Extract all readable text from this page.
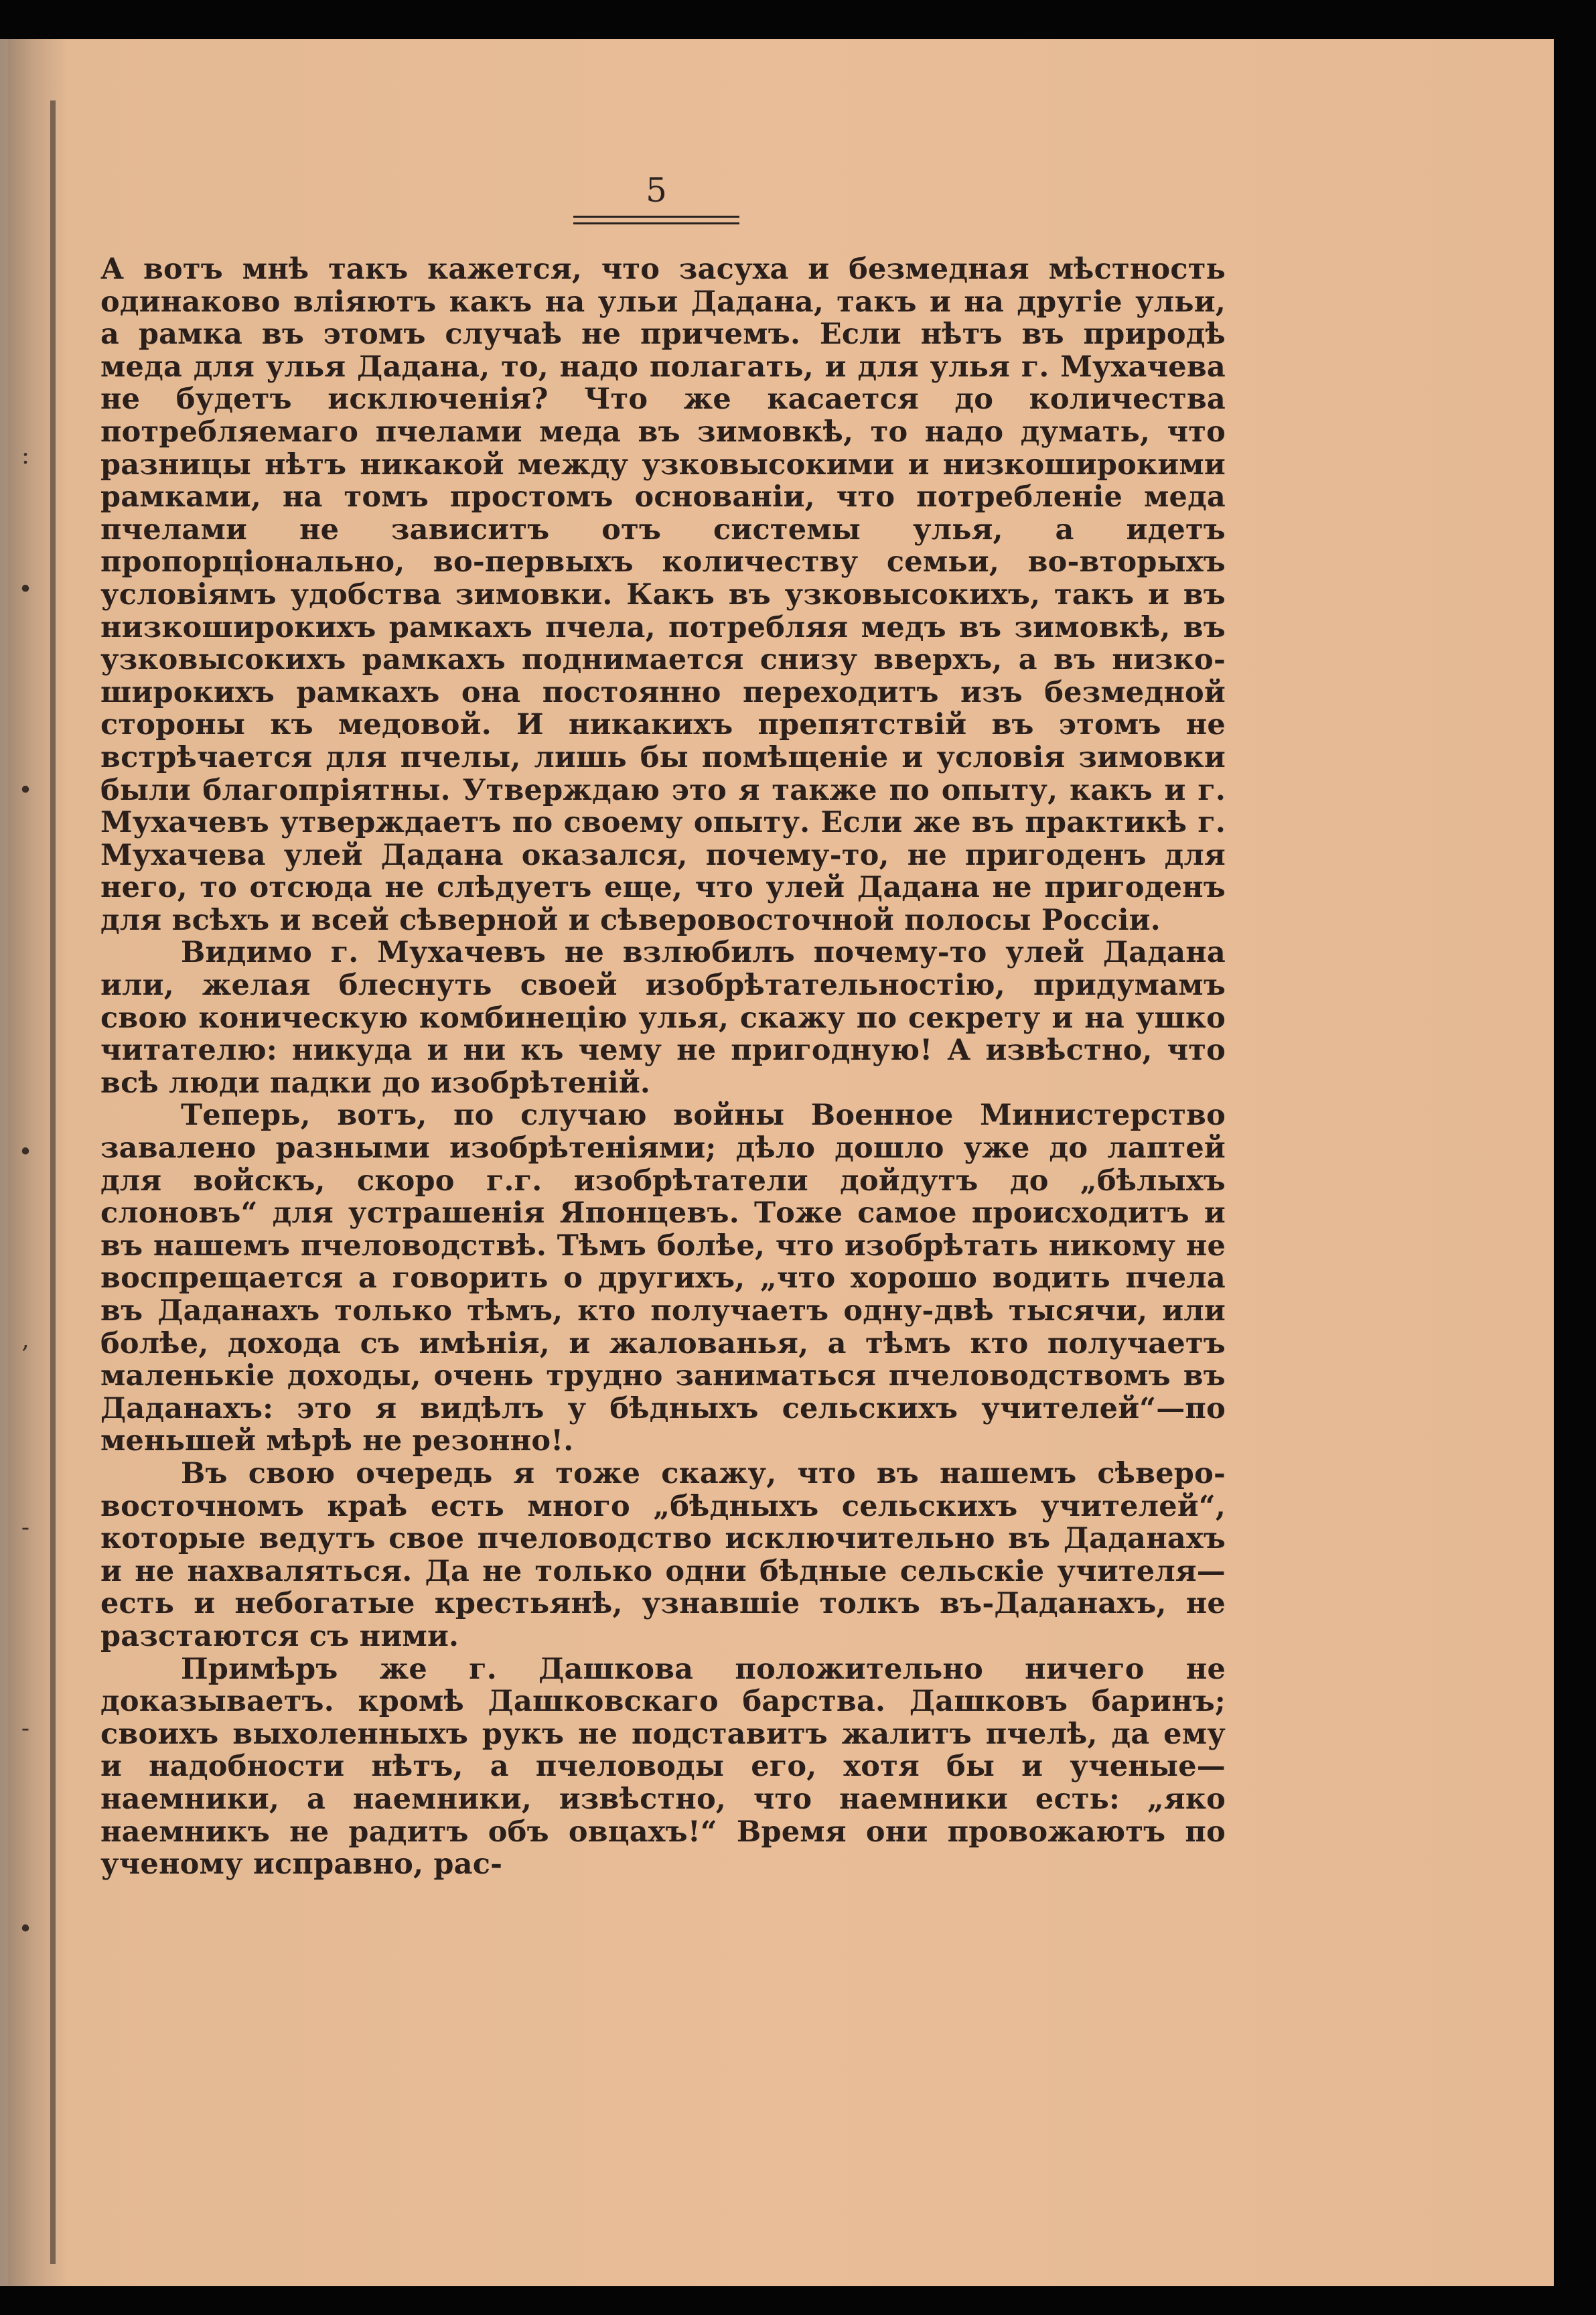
:
•
•
•
,
-
-
•
5

А вотъ мнѣ такъ кажется, что засуха и безмедная мѣстность одинаково вліяютъ какъ на ульи Дадана, такъ и на другіе ульи, а рамка въ этомъ случаѣ не причемъ. Если нѣтъ въ природѣ меда для улья Дадана, то, надо полагать, и для улья г. Мухачева не будетъ исключенія? Что же касается до количества потребляемаго пчелами меда въ зимовкѣ, то надо думать, что разницы нѣтъ никакой между узковысокими и низкоширокими рамками, на томъ простомъ основаніи, что потребленіе меда пчелами не зависитъ отъ системы улья, а идетъ пропорціонально, во-первыхъ количеству семьи, во-вторыхъ условіямъ удобства зимовки. Какъ въ узковысокихъ, такъ и въ низкоширокихъ рамкахъ пчела, потребляя медъ въ зимовкѣ, въ узковысокихъ рамкахъ поднимается снизу вверхъ, а въ низко-широкихъ рамкахъ она постоянно переходитъ изъ безмедной стороны къ медовой. И никакихъ препятствій въ этомъ не встрѣчается для пчелы, лишь бы помѣщеніе и условія зимовки были благопріятны. Утверждаю это я также по опыту, какъ и г. Мухачевъ утверждаетъ по своему опыту. Если же въ практикѣ г. Мухачева улей Дадана оказался, почему-то, не пригоденъ для него, то отсюда не слѣдуетъ еще, что улей Дадана не пригоденъ для всѣхъ и всей сѣверной и сѣверовосточной полосы Россіи.

Видимо г. Мухачевъ не взлюбилъ почему-то улей Дадана или, желая блеснуть своей изобрѣтательностію, придумамъ свою коническую комбинецію улья, скажу по секрету и на ушко читателю: никуда и ни къ чему не пригодную! А извѣстно, что всѣ люди падки до изобрѣтеній.

Теперь, вотъ, по случаю войны Военное Министерство завалено разными изобрѣтеніями; дѣло дошло уже до лаптей для войскъ, скоро г.г. изобрѣтатели дойдутъ до „бѣлыхъ слоновъ“ для устрашенія Японцевъ. Тоже самое происходитъ и въ нашемъ пчеловодствѣ. Тѣмъ болѣе, что изобрѣтать никому не воспрещается а говорить о другихъ, „что хорошо водить пчела въ Даданахъ только тѣмъ, кто получаетъ одну-двѣ тысячи, или болѣе, дохода съ имѣнія, и жалованья, а тѣмъ кто получаетъ маленькіе доходы, очень трудно заниматься пчеловодствомъ въ Даданахъ: это я видѣлъ у бѣдныхъ сельскихъ учителей“—по меньшей мѣрѣ не резонно!.

Въ свою очередь я тоже скажу, что въ нашемъ сѣверо-восточномъ краѣ есть много „бѣдныхъ сельскихъ учителей“, которые ведутъ свое пчеловодство исключительно въ Даданахъ и не нахваляться. Да не только одни бѣдные сельскіе учителя—есть и небогатые крестьянѣ, узнавшіе толкъ въ-Даданахъ, не разстаются съ ними.

Примѣръ же г. Дашкова положительно ничего не доказываетъ. кромѣ Дашковскаго барства. Дашковъ баринъ; своихъ выхоленныхъ рукъ не подставитъ жалитъ пчелѣ, да ему и надобности нѣтъ, а пчеловоды его, хотя бы и ученые—наемники, а наемники, извѣстно, что наемники есть: „яко наемникъ не радитъ объ овцахъ!“ Время они провожаютъ по ученому исправно, рас-
